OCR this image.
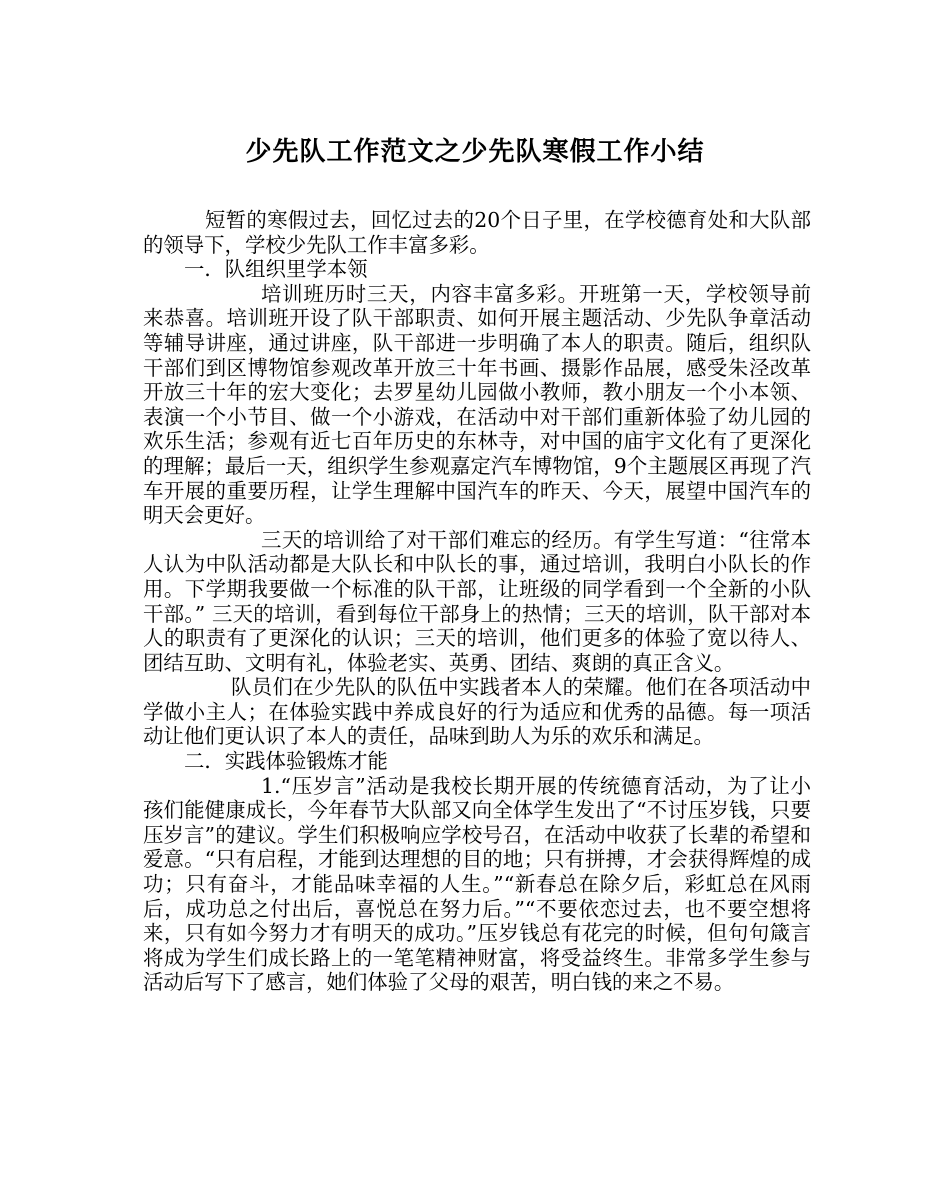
少先队工作范文之少先队寒假工作小结

短暂的寒假过去，回忆过去的20个日子里，在学校德育处和大队部的领导下，学校少先队工作丰富多彩。

一．队组织里学本领

培训班历时三天，内容丰富多彩。开班第一天，学校领导前来恭喜。培训班开设了队干部职责、如何开展主题活动、少先队争章活动等辅导讲座，通过讲座，队干部进一步明确了本人的职责。随后，组织队干部们到区博物馆参观改革开放三十年书画、摄影作品展，感受朱泾改革开放三十年的宏大变化；去罗星幼儿园做小教师，教小朋友一个小本领、表演一个小节目、做一个小游戏，在活动中对干部们重新体验了幼儿园的欢乐生活；参观有近七百年历史的东林寺，对中国的庙宇文化有了更深化的理解；最后一天，组织学生参观嘉定汽车博物馆，9个主题展区再现了汽车开展的重要历程，让学生理解中国汽车的昨天、今天，展望中国汽车的明天会更好。

三天的培训给了对干部们难忘的经历。有学生写道：“往常本人认为中队活动都是大队长和中队长的事，通过培训，我明白小队长的作用。下学期我要做一个标准的队干部，让班级的同学看到一个全新的小队干部。” 三天的培训，看到每位干部身上的热情；三天的培训，队干部对本人的职责有了更深化的认识；三天的培训，他们更多的体验了宽以待人、团结互助、文明有礼，体验老实、英勇、团结、爽朗的真正含义。

队员们在少先队的队伍中实践者本人的荣耀。他们在各项活动中学做小主人；在体验实践中养成良好的行为适应和优秀的品德。每一项活动让他们更认识了本人的责任，品味到助人为乐的欢乐和满足。

二．实践体验锻炼才能

1.“压岁言”活动是我校长期开展的传统德育活动，为了让小孩们能健康成长，今年春节大队部又向全体学生发出了“不讨压岁钱，只要压岁言”的建议。学生们积极响应学校号召，在活动中收获了长辈的希望和爱意。“只有启程，才能到达理想的目的地；只有拼搏，才会获得辉煌的成功；只有奋斗，才能品味幸福的人生。”“新春总在除夕后，彩虹总在风雨后，成功总之付出后，喜悦总在努力后。”“不要依恋过去，也不要空想将来，只有如今努力才有明天的成功。”压岁钱总有花完的时候，但句句箴言将成为学生们成长路上的一笔笔精神财富，将受益终生。非常多学生参与活动后写下了感言，她们体验了父母的艰苦，明白钱的来之不易。
